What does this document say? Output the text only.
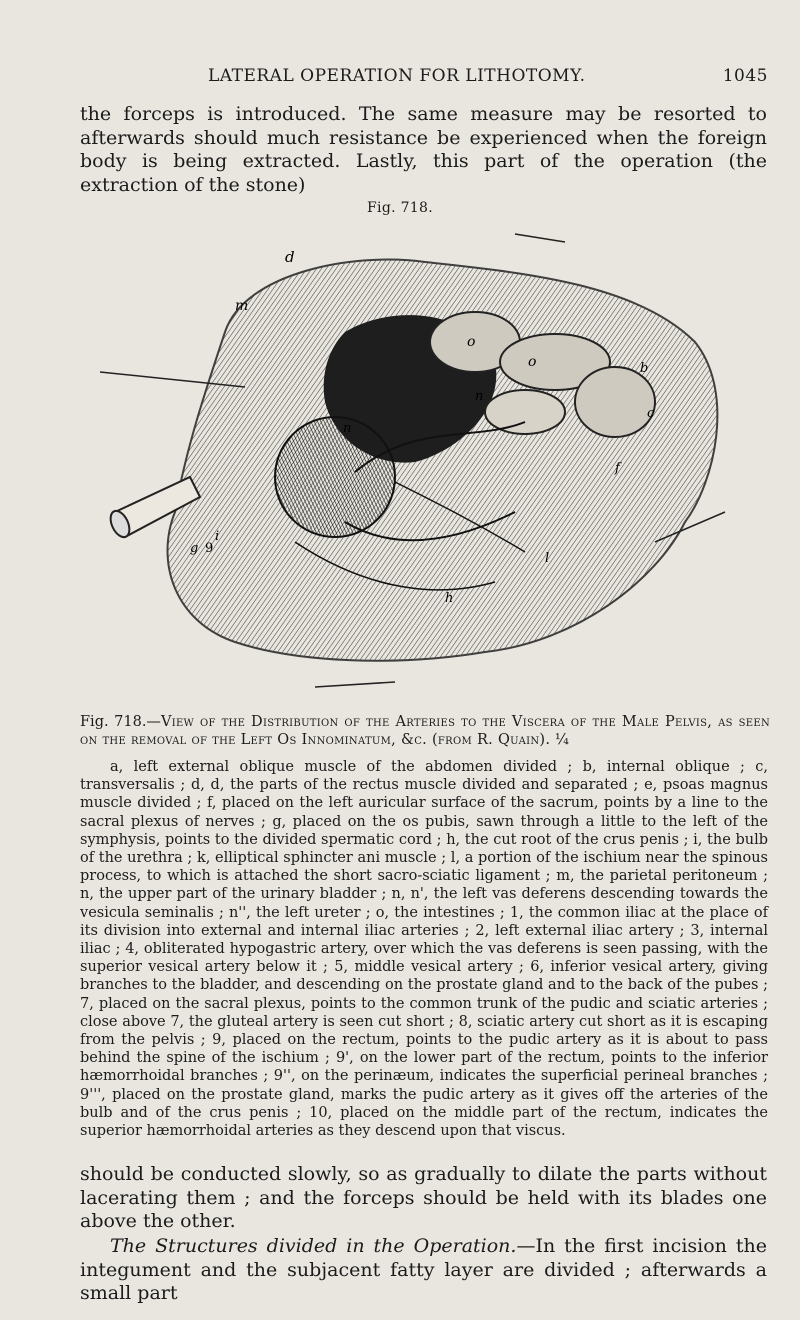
LATERAL OPERATION FOR LITHOTOMY.	1045
the forceps is introduced. The same measure may be resorted to afterwards should much resistance be experienced when the foreign body is being extracted. Lastly, this part of the operation (the extraction of the stone)
Fig. 718.
d
m
o
o
n
b
c
n
i
9
g
f
h
l
Fig. 718.—View of the Distribution of the Arteries to the Viscera of the Male Pelvis, as seen on the removal of the Left Os Innominatum, &c. (from R. Quain). ¼
a, left external oblique muscle of the abdomen divided ; b, internal oblique ; c, transversalis ; d, d, the parts of the rectus muscle divided and separated ; e, psoas magnus muscle divided ; f, placed on the left auricular surface of the sacrum, points by a line to the sacral plexus of nerves ; g, placed on the os pubis, sawn through a little to the left of the symphysis, points to the divided spermatic cord ; h, the cut root of the crus penis ; i, the bulb of the urethra ; k, elliptical sphincter ani muscle ; l, a portion of the ischium near the spinous process, to which is attached the short sacro-sciatic ligament ; m, the parietal peritoneum ; n, the upper part of the urinary bladder ; n, n', the left vas deferens descending towards the vesicula seminalis ; n'', the left ureter ; o, the intestines ; 1, the common iliac at the place of its division into external and internal iliac arteries ; 2, left external iliac artery ; 3, internal iliac ; 4, obliterated hypogastric artery, over which the vas deferens is seen passing, with the superior vesical artery below it ; 5, middle vesical artery ; 6, inferior vesical artery, giving branches to the bladder, and descending on the prostate gland and to the back of the pubes ; 7, placed on the sacral plexus, points to the common trunk of the pudic and sciatic arteries ; close above 7, the gluteal artery is seen cut short ; 8, sciatic artery cut short as it is escaping from the pelvis ; 9, placed on the rectum, points to the pudic artery as it is about to pass behind the spine of the ischium ; 9', on the lower part of the rectum, points to the inferior hæmorrhoidal branches ; 9'', on the perinæum, indicates the superficial perineal branches ; 9''', placed on the prostate gland, marks the pudic artery as it gives off the arteries of the bulb and of the crus penis ; 10, placed on the middle part of the rectum, indicates the superior hæmorrhoidal arteries as they descend upon that viscus.
should be conducted slowly, so as gradually to dilate the parts without lacerating them ; and the forceps should be held with its blades one above the other.
The Structures divided in the Operation.—In the first incision the integument and the subjacent fatty layer are divided ; afterwards a small part
